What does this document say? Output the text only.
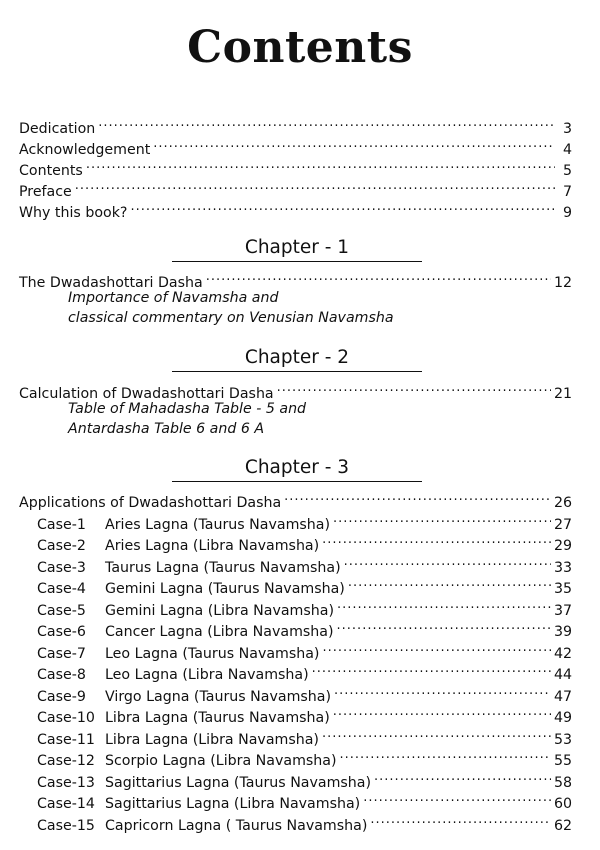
Contents
Dedication .....	3
Acknowledgement .....	4
Contents .....	5
Preface .....	7
Why this book? .....	9
Chapter - 1
The Dwadashottari Dasha .....	12
Importance of Navamsha and
classical commentary on Venusian Navamsha
Chapter - 2
Calculation of Dwadashottari Dasha .....	21
Table of Mahadasha Table - 5 and
Antardasha Table 6 and 6 A
Chapter - 3
Applications of Dwadashottari Dasha .....	26
Case-1	Aries Lagna (Taurus Navamsha) .....	27
Case-2	Aries Lagna (Libra Navamsha) .....	29
Case-3	Taurus Lagna (Taurus Navamsha) .....	33
Case-4	Gemini Lagna (Taurus Navamsha) .....	35
Case-5	Gemini Lagna (Libra Navamsha) .....	37
Case-6	Cancer Lagna (Libra Navamsha) .....	39
Case-7	Leo Lagna (Taurus Navamsha) .....	42
Case-8	Leo Lagna (Libra Navamsha) .....	44
Case-9	Virgo Lagna (Taurus Navamsha) .....	47
Case-10 Libra Lagna (Taurus Navamsha) .....	49
Case-11 Libra Lagna (Libra Navamsha) .....	53
Case-12 Scorpio Lagna (Libra Navamsha) .....	55
Case-13 Sagittarius Lagna (Taurus Navamsha) .....	58
Case-14 Sagittarius Lagna (Libra Navamsha) .....	60
Case-15 Capricorn Lagna ( Taurus Navamsha) .....	62
